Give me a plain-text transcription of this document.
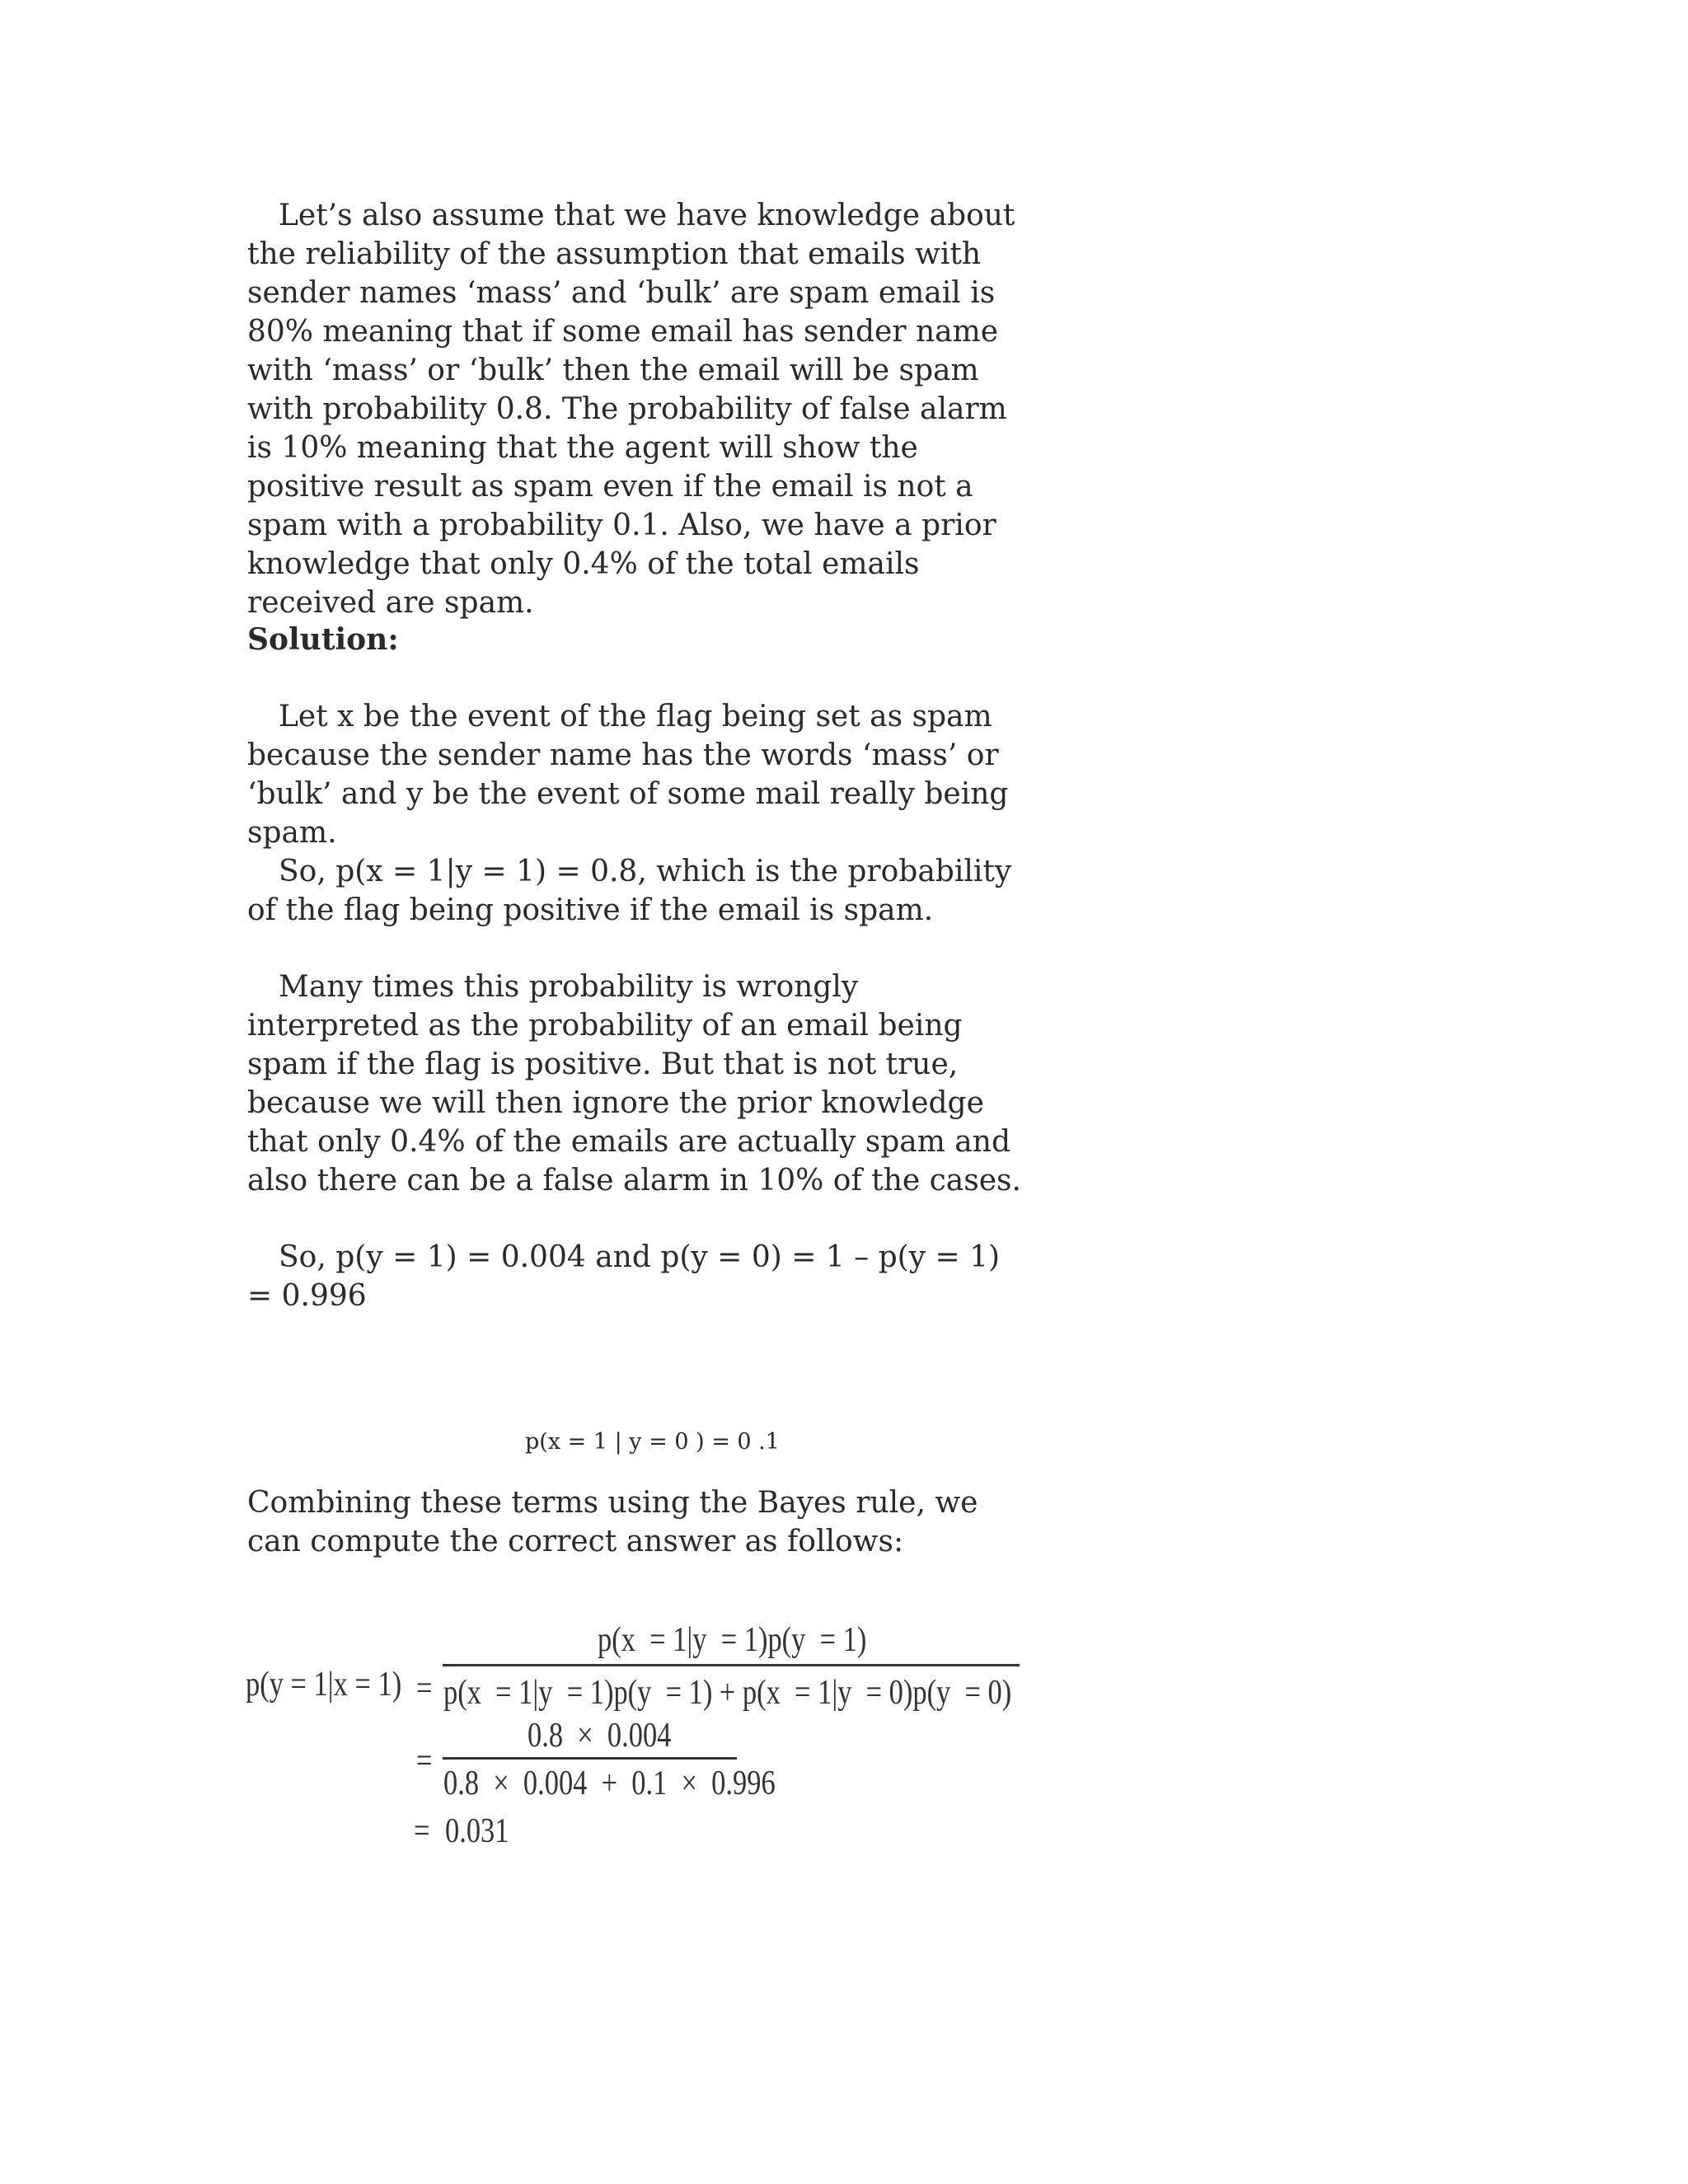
Let’s also assume that we have knowledge about the reliability of the assumption that emails with sender names ‘mass’ and ‘bulk’ are spam email is 80% meaning that if some email has sender name with ‘mass’ or ‘bulk’ then the email will be spam with probability 0.8. The probability of false alarm is 10% meaning that the agent will show the positive result as spam even if the email is not a spam with a probability 0.1. Also, we have a prior knowledge that only 0.4% of the total emails received are spam.
Solution:
Let x be the event of the flag being set as spam because the sender name has the words ‘mass’ or ‘bulk’ and y be the event of some mail really being spam.
So, p(x = 1|y = 1) = 0.8, which is the probability of the flag being positive if the email is spam.
Many times this probability is wrongly interpreted as the probability of an email being spam if the flag is positive. But that is not true, because we will then ignore the prior knowledge that only 0.4% of the emails are actually spam and also there can be a false alarm in 10% of the cases.
So, p(y = 1) = 0.004 and p(y = 0) = 1 – p(y = 1) = 0.996
p(x = 1 | y = 0 ) = 0 .1
Combining these terms using the Bayes rule, we can compute the correct answer as follows:
p(y = 1|x = 1) =
p(x  = 1|y  = 1)p(y  = 1)
p(x  = 1|y  = 1)p(y  = 1) + p(x  = 1|y  = 0)p(y  = 0)
=
0.8  ×  0.004
0.8  ×  0.004  +  0.1  ×  0.996
= 0.031
